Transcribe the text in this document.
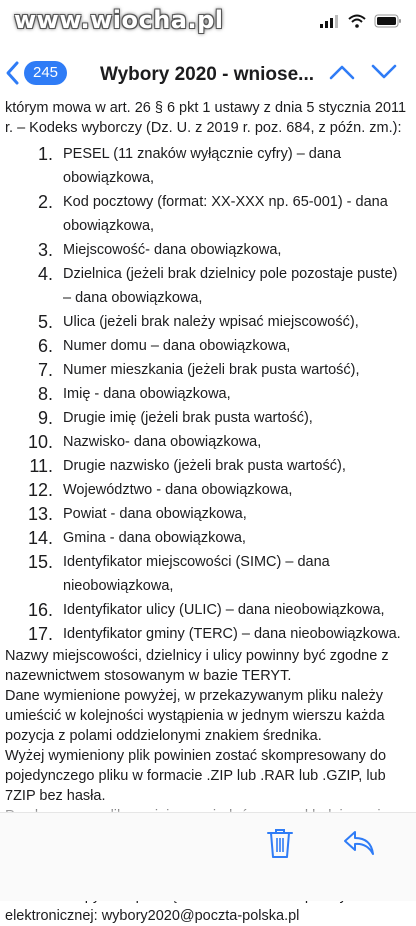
www.wiocha.pl
245	Wybory 2020 - wniose...

którym mowa w art. 26 § 6 pkt 1 ustawy z dnia 5 stycznia 2011 r. – Kodeks wyborczy (Dz. U. z 2019 r. poz. 684, z późn. zm.):

1. PESEL (11 znaków wyłącznie cyfry) – dana obowiązkowa,
2. Kod pocztowy (format: XX-XXX np. 65-001) - dana obowiązkowa,
3. Miejscowość- dana obowiązkowa,
4. Dzielnica (jeżeli brak dzielnicy pole pozostaje puste) – dana obowiązkowa,
5. Ulica (jeżeli brak należy wpisać miejscowość),
6. Numer domu – dana obowiązkowa,
7. Numer mieszkania (jeżeli brak pusta wartość),
8. Imię - dana obowiązkowa,
9. Drugie imię (jeżeli brak pusta wartość),
10. Nazwisko- dana obowiązkowa,
11. Drugie nazwisko (jeżeli brak pusta wartość),
12. Województwo - dana obowiązkowa,
13. Powiat - dana obowiązkowa,
14. Gmina - dana obowiązkowa,
15. Identyfikator miejscowości (SIMC) – dana nieobowiązkowa,
16. Identyfikator ulicy (ULIC) – dana nieobowiązkowa,
17. Identyfikator gminy (TERC) – dana nieobowiązkowa.

Nazwy miejscowości, dzielnicy i ulicy powinny być zgodne z nazewnictwem stosowanym w bazie TERYT.

Dane wymienione powyżej, w przekazywanym pliku należy umieścić w kolejności wystąpienia w jednym wierszu każda pozycja z polami oddzielonymi znakiem średnika.

Wyżej wymieniony plik powinien zostać skompresowany do pojedynczego pliku w formacie .ZIP lub .RAR lub .GZIP, lub 7ZIP bez hasła.

elektronicznej: wybory2020@poczta-polska.pl
